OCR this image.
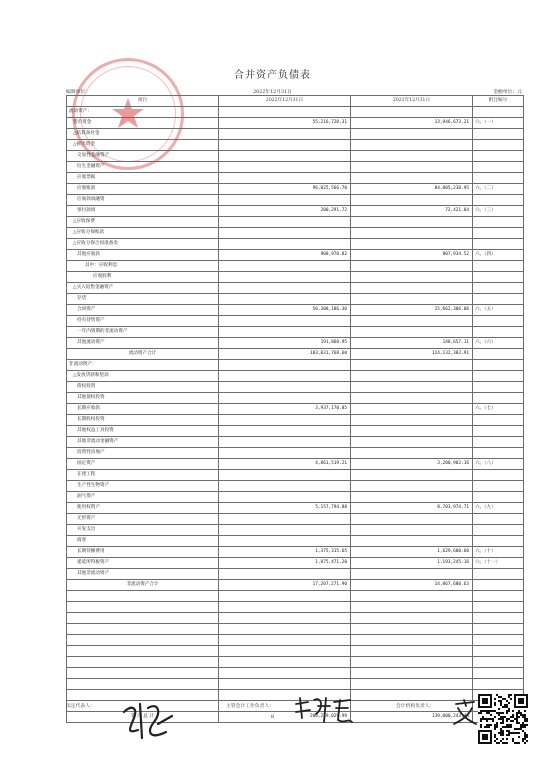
合并资产负债表
编制单位：	2022年12月31日	金额单位：元
项目	2022年12月31日	2021年12月31日	附注编号
流动资产：			
货币资金	55,216,720.31	13,946,673.21	六、（一）
△结算备付金			
△拆出资金			
交易性金融资产			
衍生金融资产			
应收票据			
应收账款	96,025,566.70	84,805,230.95	六、（二）
应收款项融资			
预付款项	200,291.72	72,421.84	六、（三）
△应收保费			
△应收分保账款			
△应收分保合同准备金			
其他应收款	908,970.82	807,934.52	六、（四）
其中：应收利息			
应收股利			
△买入返售金融资产			
存货			
合同资产	50,308,186.30	15,662,306.06	六、（五）
持有待售资产			
一年内到期的非流动资产			
其他流动资产	191,860.95	148,657.11	六、（六）
流动资产合计	183,031,768.60	124,132,382.91	
非流动资产：			
△发放贷款和垫款			
债权投资			
其他债权投资			
长期应收款	3,937,170.85		六、（七）
长期股权投资			
其他权益工具投资			
其他非流动金融资产			
投资性房地产			
固定资产	4,861,519.21	3,200,902.16	六、（八）
在建工程			
生产性生物资产			
油气资产			
使用权资产	5,157,794.88	8,703,974.71	六、（九）
无形资产			
开发支出			
商誉			
长期待摊费用	1,375,315.65	1,629,600.60	六、（十）
递延所得税资产	1,875,471.20	1,193,245.16	六、（十一）
其他非流动资产			
非流动资产合计	17,207,271.90	14,867,680.63	

资 产 总 计	200,239,029.99	139,000,243.44	
法定代表人：	主管会计工作负责人：	会计机构负责人：
8
